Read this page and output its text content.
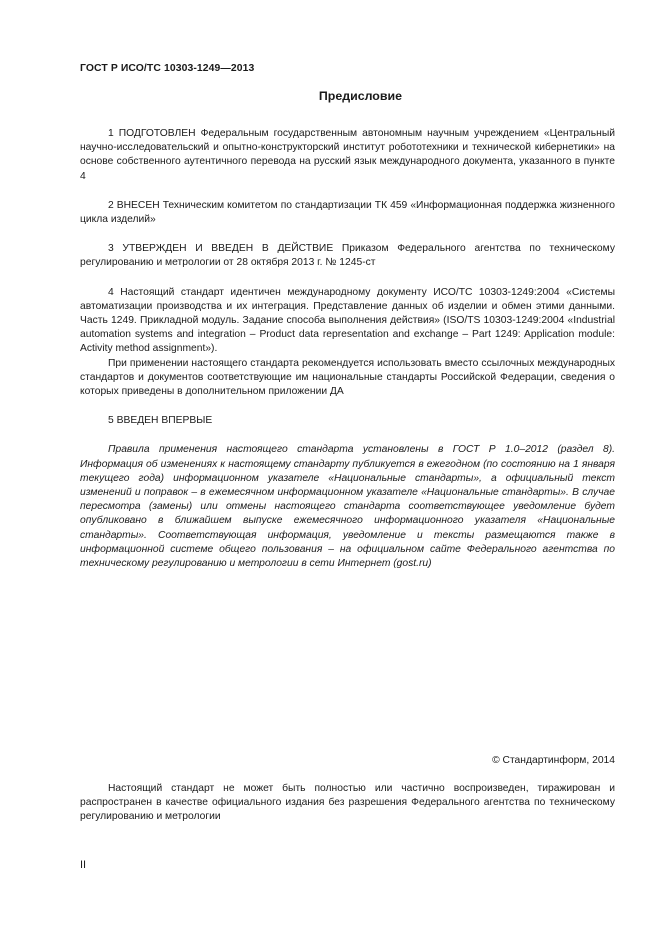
ГОСТ Р ИСО/ТС 10303-1249—2013
Предисловие

1 ПОДГОТОВЛЕН Федеральным государственным автономным научным учреждением «Центральный научно-исследовательский и опытно-конструкторский институт робототехники и технической кибернетики» на основе собственного аутентичного перевода на русский язык международного документа, указанного в пункте 4

2 ВНЕСЕН Техническим комитетом по стандартизации ТК 459 «Информационная поддержка жизненного цикла изделий»

3 УТВЕРЖДЕН И ВВЕДЕН В ДЕЙСТВИЕ Приказом Федерального агентства по техническому регулированию и метрологии от 28 октября 2013 г. № 1245-ст

4 Настоящий стандарт идентичен международному документу ИСО/ТС 10303-1249:2004 «Системы автоматизации производства и их интеграция. Представление данных об изделии и обмен этими данными. Часть 1249. Прикладной модуль. Задание способа выполнения действия» (ISO/TS 10303-1249:2004 «Industrial automation systems and integration – Product data representation and exchange – Part 1249: Application module: Activity method assignment»).

При применении настоящего стандарта рекомендуется использовать вместо ссылочных международных стандартов и документов соответствующие им национальные стандарты Российской Федерации, сведения о которых приведены в дополнительном приложении ДА

5 ВВЕДЕН ВПЕРВЫЕ

Правила применения настоящего стандарта установлены в ГОСТ Р 1.0–2012 (раздел 8). Информация об изменениях к настоящему стандарту публикуется в ежегодном (по состоянию на 1 января текущего года) информационном указателе «Национальные стандарты», а официальный текст изменений и поправок – в ежемесячном информационном указателе «Национальные стандарты». В случае пересмотра (замены) или отмены настоящего стандарта соответствующее уведомление будет опубликовано в ближайшем выпуске ежемесячного информационного указателя «Национальные стандарты». Соответствующая информация, уведомление и тексты размещаются также в информационной системе общего пользования – на официальном сайте Федерального агентства по техническому регулированию и метрологии в сети Интернет (gost.ru)

© Стандартинформ, 2014

Настоящий стандарт не может быть полностью или частично воспроизведен, тиражирован и распространен в качестве официального издания без разрешения Федерального агентства по техническому регулированию и метрологии

II
